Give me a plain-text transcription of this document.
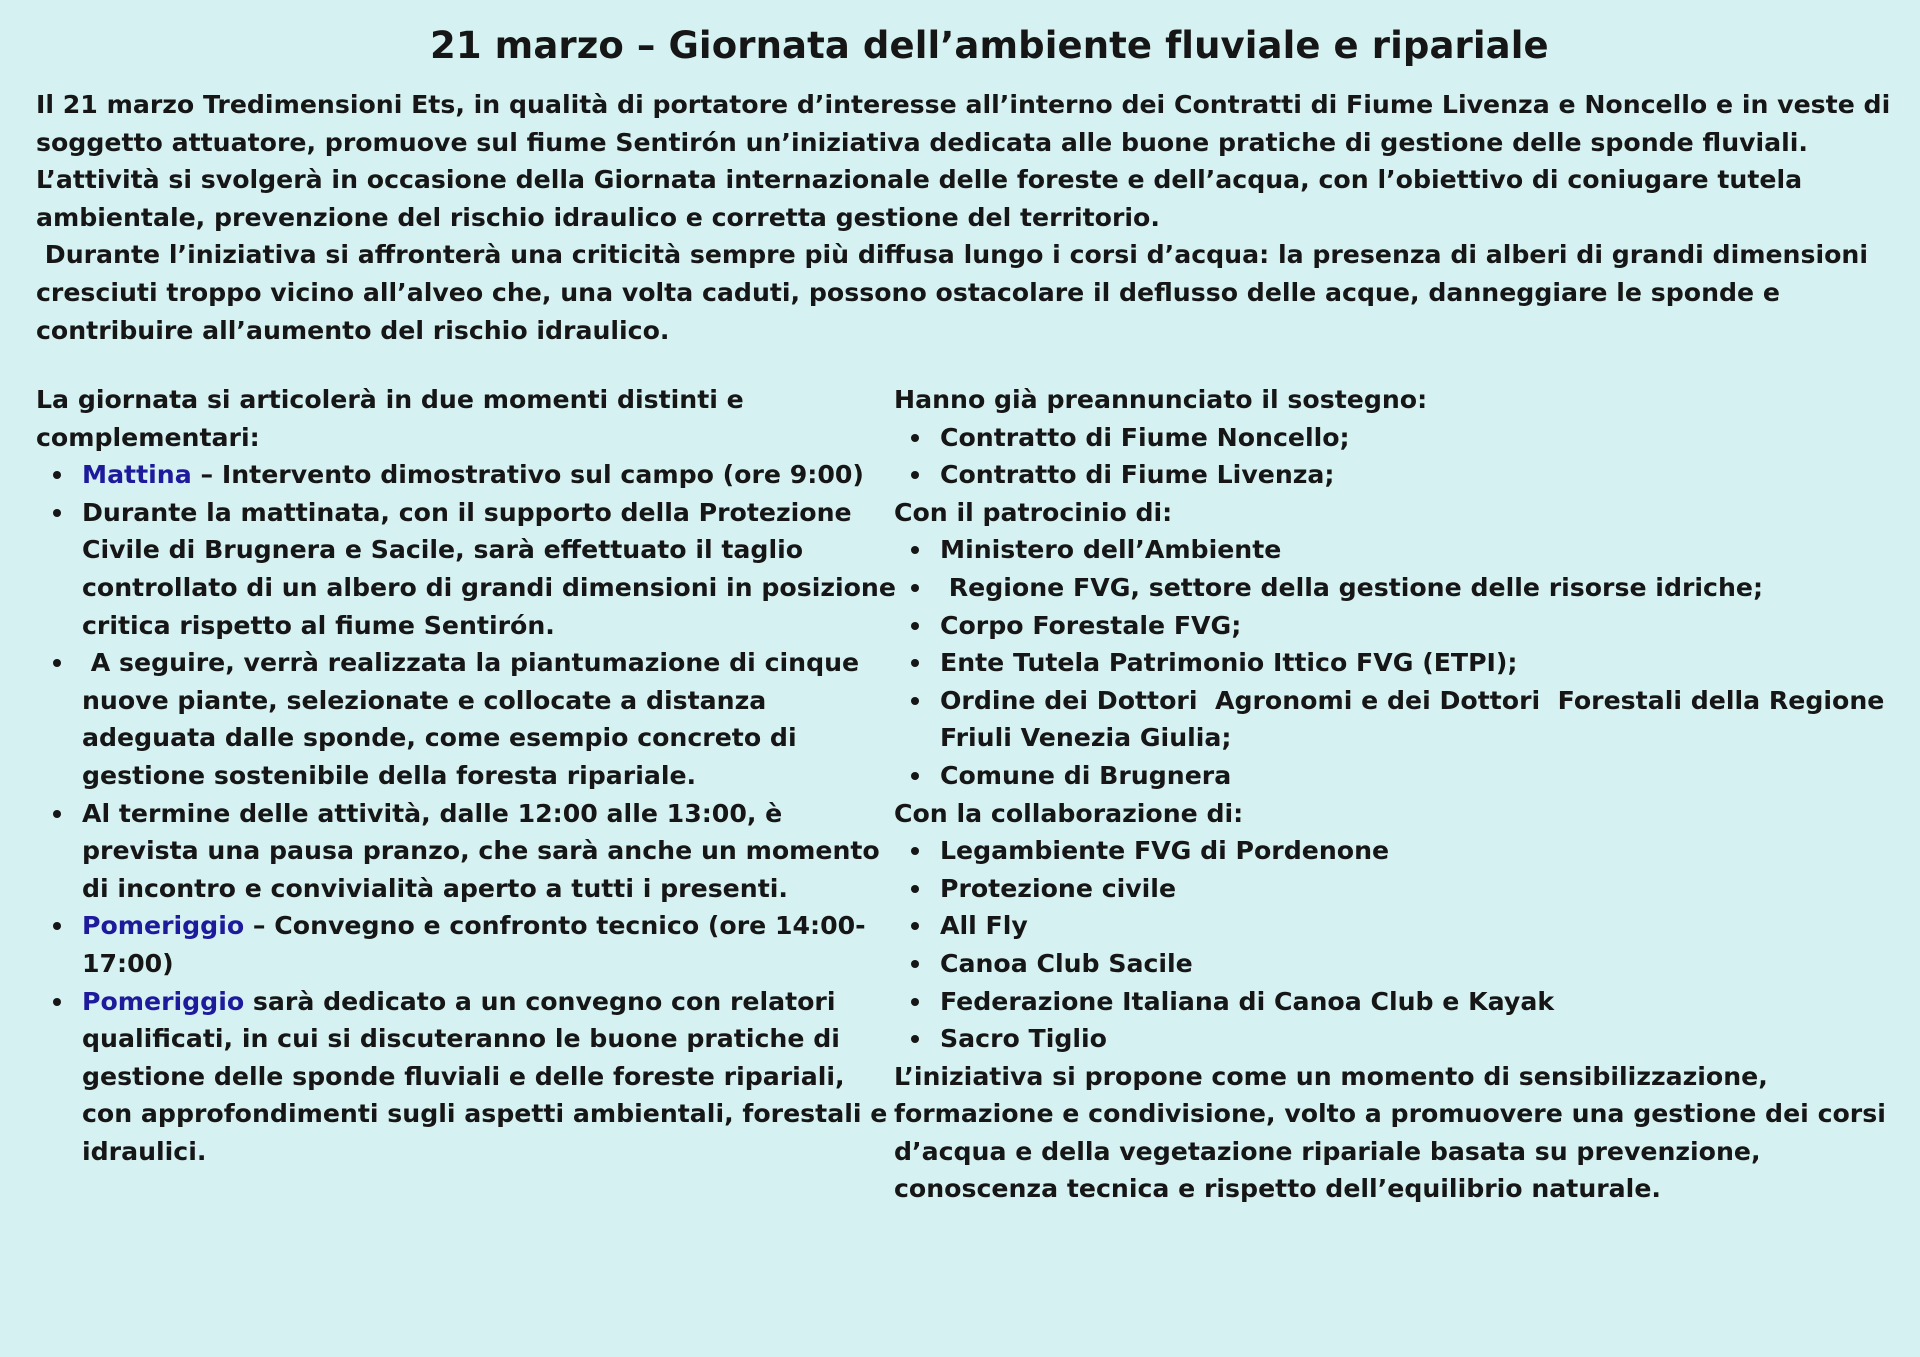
21 marzo – Giornata dell’ambiente fluviale e ripariale

Il 21 marzo Tredimensioni Ets, in qualità di portatore d’interesse all’interno dei Contratti di Fiume Livenza e Noncello e in veste di soggetto attuatore, promuove sul fiume Sentirón un’iniziativa dedicata alle buone pratiche di gestione delle sponde fluviali.

L’attività si svolgerà in occasione della Giornata internazionale delle foreste e dell’acqua, con l’obiettivo di coniugare tutela ambientale, prevenzione del rischio idraulico e corretta gestione del territorio.

Durante l’iniziativa si affronterà una criticità sempre più diffusa lungo i corsi d’acqua: la presenza di alberi di grandi dimensioni cresciuti troppo vicino all’alveo che, una volta caduti, possono ostacolare il deflusso delle acque, danneggiare le sponde e contribuire all’aumento del rischio idraulico.

La giornata si articolerà in due momenti distinti e complementari:

Mattina – Intervento dimostrativo sul campo (ore 9:00)
Durante la mattinata, con il supporto della Protezione Civile di Brugnera e Sacile, sarà effettuato il taglio controllato di un albero di grandi dimensioni in posizione critica rispetto al fiume Sentirón.
A seguire, verrà realizzata la piantumazione di cinque nuove piante, selezionate e collocate a distanza adeguata dalle sponde, come esempio concreto di gestione sostenibile della foresta ripariale.
Al termine delle attività, dalle 12:00 alle 13:00, è prevista una pausa pranzo, che sarà anche un momento di incontro e convivialità aperto a tutti i presenti.
Pomeriggio – Convegno e confronto tecnico (ore 14:00-17:00)
Pomeriggio sarà dedicato a un convegno con relatori qualificati, in cui si discuteranno le buone pratiche di gestione delle sponde fluviali e delle foreste ripariali, con approfondimenti sugli aspetti ambientali, forestali e idraulici.

Hanno già preannunciato il sostegno:

Contratto di Fiume Noncello;
Contratto di Fiume Livenza;

Con il patrocinio di:

Ministero dell’Ambiente
Regione FVG, settore della gestione delle risorse idriche;
Corpo Forestale FVG;
Ente Tutela Patrimonio Ittico FVG (ETPI);
Ordine dei Dottori  Agronomi e dei Dottori  Forestali della Regione Friuli Venezia Giulia;
Comune di Brugnera

Con la collaborazione di:

Legambiente FVG di Pordenone
Protezione civile
All Fly
Canoa Club Sacile
Federazione Italiana di Canoa Club e Kayak
Sacro Tiglio

L’iniziativa si propone come un momento di sensibilizzazione, formazione e condivisione, volto a promuovere una gestione dei corsi d’acqua e della vegetazione ripariale basata su prevenzione, conoscenza tecnica e rispetto dell’equilibrio naturale.
